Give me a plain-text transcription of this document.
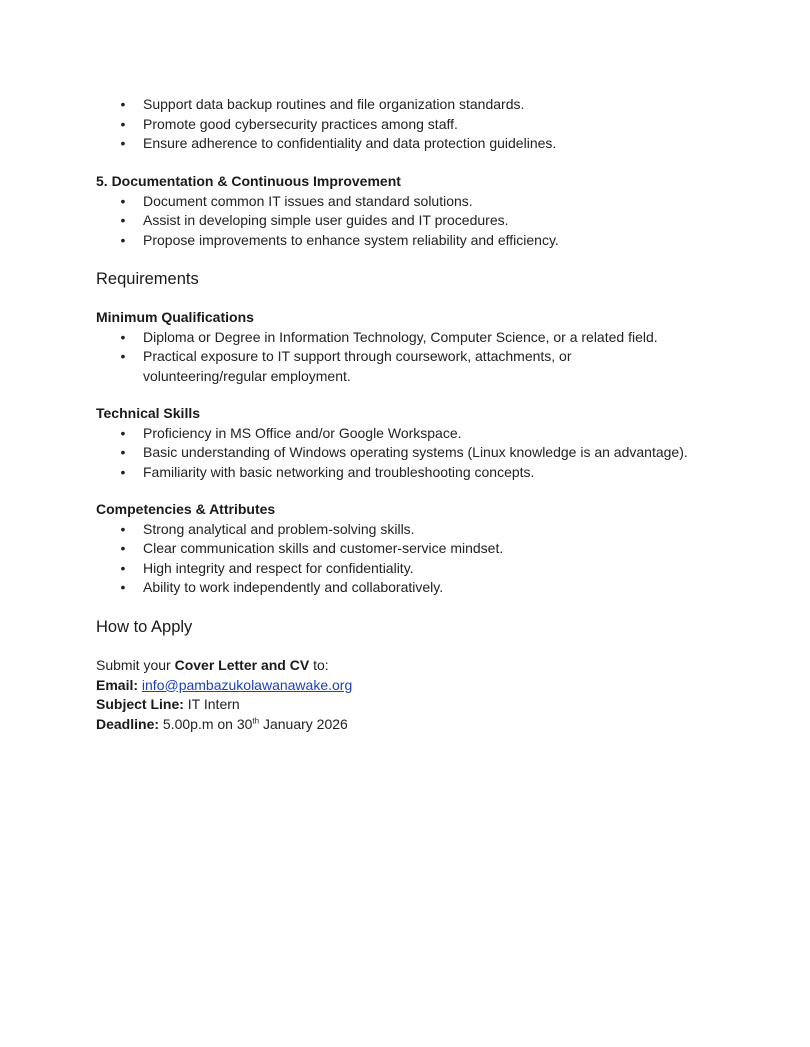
• Support data backup routines and file organization standards.
• Promote good cybersecurity practices among staff.
• Ensure adherence to confidentiality and data protection guidelines.
5. Documentation & Continuous Improvement
• Document common IT issues and standard solutions.
• Assist in developing simple user guides and IT procedures.
• Propose improvements to enhance system reliability and efficiency.
Requirements
Minimum Qualifications
• Diploma or Degree in Information Technology, Computer Science, or a related field.
• Practical exposure to IT support through coursework, attachments, or
volunteering/regular employment.
Technical Skills
• Proficiency in MS Office and/or Google Workspace.
• Basic understanding of Windows operating systems (Linux knowledge is an advantage).
• Familiarity with basic networking and troubleshooting concepts.
Competencies & Attributes
• Strong analytical and problem-solving skills.
• Clear communication skills and customer-service mindset.
• High integrity and respect for confidentiality.
• Ability to work independently and collaboratively.
How to Apply
Submit your Cover Letter and CV to:
Email: info@pambazukolawanawake.org
Subject Line: IT Intern
Deadline: 5.00p.m on 30th January 2026
